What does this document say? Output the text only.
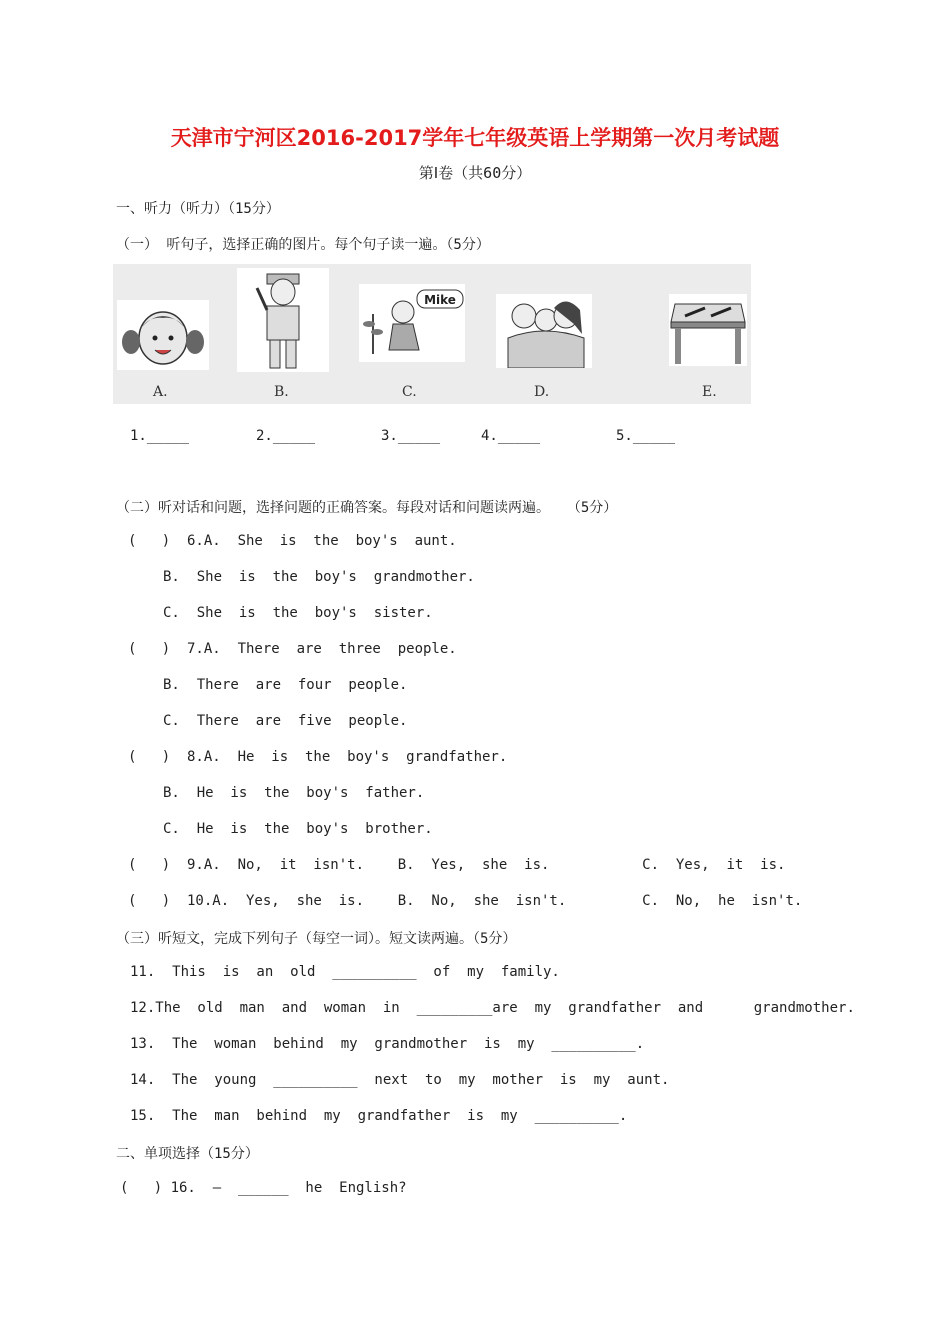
天津市宁河区2016-2017学年七年级英语上学期第一次月考试题
第Ⅰ卷（共60分）
一、听力（听力）（15分）
（一） 听句子，选择正确的图片。每个句子读一遍。（5分）
Mike
A.	B.	C.	D.	E.
1._____	2._____	3._____	4._____	5._____
（二）听对话和问题，选择问题的正确答案。每段对话和问题读两遍。  （5分）
(   )  6.A.  She  is  the  boy's  aunt.
B.  She  is  the  boy's  grandmother.
C.  She  is  the  boy's  sister.
(   )  7.A.  There  are  three  people.
B.  There  are  four  people.
C.  There  are  five  people.
(   )  8.A.  He  is  the  boy's  grandfather.
B.  He  is  the  boy's  father.
C.  He  is  the  boy's  brother.
(   )  9.A.  No,  it  isn't.    B.  Yes,  she  is.           C.  Yes,  it  is.
(   )  10.A.  Yes,  she  is.    B.  No,  she  isn't.         C.  No,  he  isn't.
（三）听短文，完成下列句子（每空一词）。短文读两遍。（5分）
11.  This  is  an  old  __________  of  my  family.
12.The  old  man  and  woman  in  _________are  my  grandfather  and      grandmother.
13.  The  woman  behind  my  grandmother  is  my  __________.
14.  The  young  __________  next  to  my  mother  is  my  aunt.
15.  The  man  behind  my  grandfather  is  my  __________.
二、单项选择（15分）
(   ) 16.  —  ______  he  English?
